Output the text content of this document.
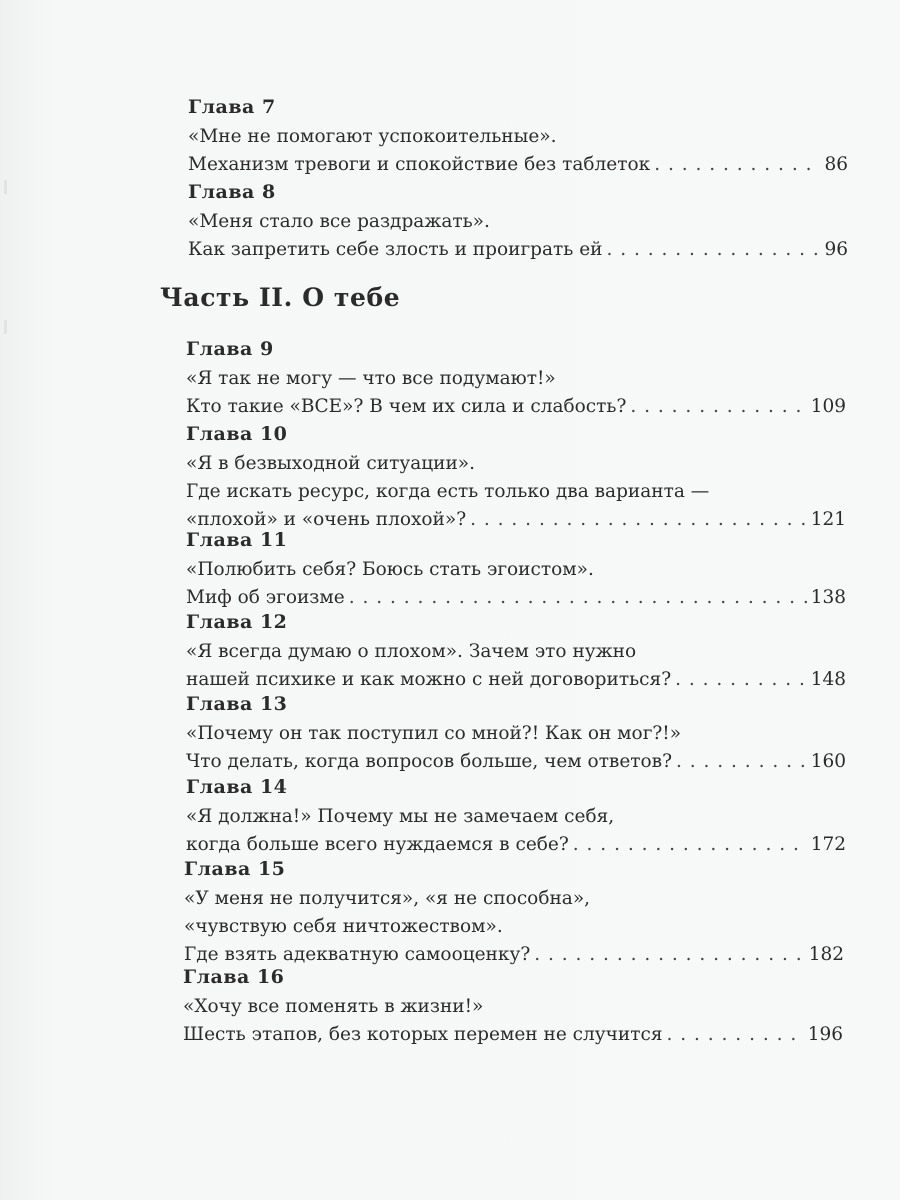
Глава 7
«Мне не помогают успокоительные».
Механизм тревоги и спокойствие без таблеток . . .	86
Глава 8
«Меня стало все раздражать».
Как запретить себе злость и проиграть ей . . .	96
Часть II. О тебе
Глава 9
«Я так не могу — что все подумают!»
Кто такие «ВСЕ»? В чем их сила и слабость? . . .	109
Глава 10
«Я в безвыходной ситуации».
Где искать ресурс, когда есть только два варианта —
«плохой» и «очень плохой»? . . .	121
Глава 11
«Полюбить себя? Боюсь стать эгоистом».
Миф об эгоизме . . .	138
Глава 12
«Я всегда думаю о плохом». Зачем это нужно
нашей психике и как можно с ней договориться? . . .	148
Глава 13
«Почему он так поступил со мной?! Как он мог?!»
Что делать, когда вопросов больше, чем ответов? . . .	160
Глава 14
«Я должна!» Почему мы не замечаем себя,
когда больше всего нуждаемся в себе? . . .	172
Глава 15
«У меня не получится», «я не способна»,
«чувствую себя ничтожеством».
Где взять адекватную самооценку? . . .	182
Глава 16
«Хочу все поменять в жизни!»
Шесть этапов, без которых перемен не случится . . .	196
